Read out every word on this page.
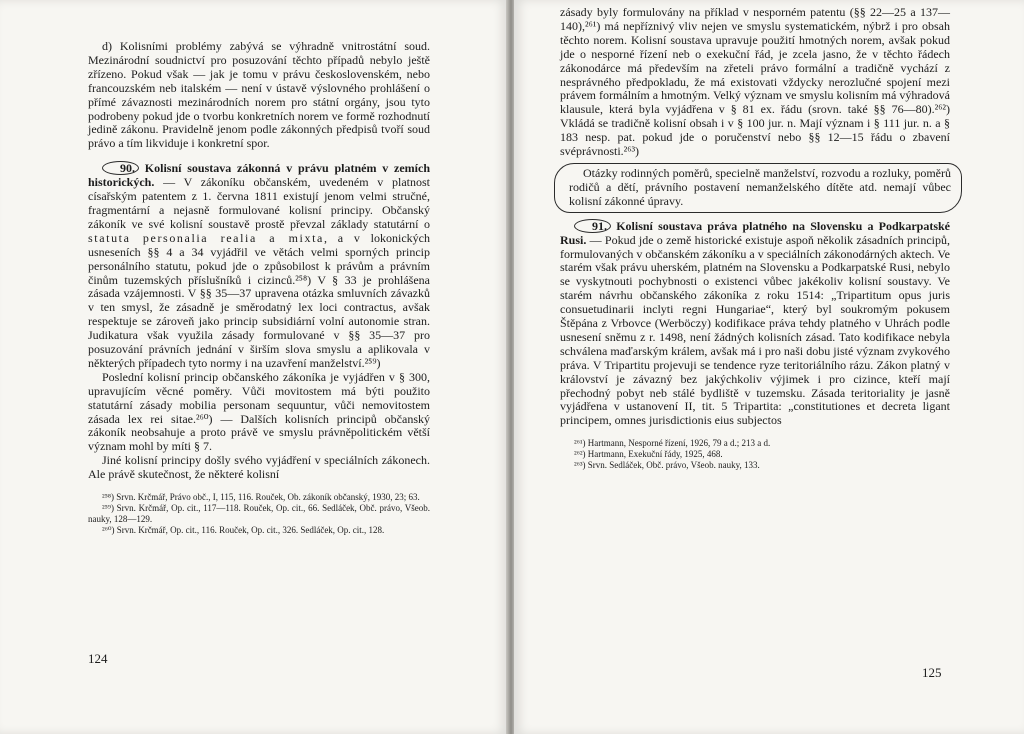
d) Kolisními problémy zabývá se výhradně vnitrostátní soud. Mezinárodní soudnictví pro posuzování těchto případů nebylo ještě zřízeno. Pokud však — jak je tomu v právu československém, nebo francouzském neb italském — není v ústavě výslovného prohlášení o přímé závaznosti mezinárodních norem pro státní orgány, jsou tyto podrobeny pokud jde o tvorbu konkretních norem ve formě rozhodnutí jedině zákonu. Pravidelně jenom podle zákonných předpisů tvoří soud právo a tím likviduje i konkretní spor.

90. Kolisní soustava zákonná v právu platném v zemích historických. — V zákoníku občanském, uvedeném v platnost císařským patentem z 1. června 1811 existují jenom velmi stručné, fragmentární a nejasně formulované kolisní principy. Občanský zákoník ve své kolisní soustavě prostě převzal základy statutární o statuta personalia realia a mixta, a v lokonických usneseních §§ 4 a 34 vyjádřil ve větách velmi sporných princip personálního statutu, pokud jde o způsobilost k právům a právním činům tuzemských příslušníků i cizinců.²⁵⁸) V § 33 je prohlášena zásada vzájemnosti. V §§ 35—37 upravena otázka smluvních závazků v ten smysl, že zásadně je směrodatný lex loci contractus, avšak respektuje se zároveň jako princip subsidiární volní autonomie stran. Judikatura však využila zásady formulované v §§ 35—37 pro posuzování právních jednání v širším slova smyslu a aplikovala v některých případech tyto normy i na uzavření manželství.²⁵⁹)

Poslední kolisní princip občanského zákoníka je vyjádřen v § 300, upravujícím věcné poměry. Vůči movitostem má býti použito statutární zásady mobilia personam sequuntur, vůči nemovitostem zásada lex rei sitae.²⁶⁰) — Dalších kolisních principů občanský zákoník neobsahuje a proto právě ve smyslu právněpolitickém větší význam mohl by míti § 7.

Jiné kolisní principy došly svého vyjádření v speciálních zákonech. Ale právě skutečnost, že některé kolisní

²⁵⁸) Srvn. Krčmář, Právo obč., I, 115, 116. Rouček, Ob. zákoník občanský, 1930, 23; 63.

²⁵⁹) Srvn. Krčmář, Op. cit., 117—118. Rouček, Op. cit., 66. Sedláček, Obč. právo, Všeob. nauky, 128—129.

²⁶⁰) Srvn. Krčmář, Op. cit., 116. Rouček, Op. cit., 326. Sedláček, Op. cit., 128.

124

zásady byly formulovány na příklad v nesporném patentu (§§ 22—25 a 137—140),²⁶¹) má nepříznivý vliv nejen ve smyslu systematickém, nýbrž i pro obsah těchto norem. Kolisní soustava upravuje použití hmotných norem, avšak pokud jde o nesporné řízení neb o exekuční řád, je zcela jasno, že v těchto řádech zákonodárce má především na zřeteli právo formální a tradičně vychází z nesprávného předpokladu, že má existovati vždycky nerozlučné spojení mezi právem formálním a hmotným. Velký význam ve smyslu kolisním má výhradová klausule, která byla vyjádřena v § 81 ex. řádu (srovn. také §§ 76—80).²⁶²) Vkládá se tradičně kolisní obsah i v § 100 jur. n. Mají význam i § 111 jur. n. a § 183 nesp. pat. pokud jde o poručenství nebo §§ 12—15 řádu o zbavení svéprávnosti.²⁶³)

Otázky rodinných poměrů, specielně manželství, rozvodu a rozluky, poměrů rodičů a dětí, právního postavení nemanželského dítěte atd. nemají vůbec kolisní zákonné úpravy.

91. Kolisní soustava práva platného na Slovensku a Podkarpatské Rusi. — Pokud jde o země historické existuje aspoň několik zásadních principů, formulovaných v občanském zákoníku a v speciálních zákonodárných aktech. Ve starém však právu uherském, platném na Slovensku a Podkarpatské Rusi, nebylo se vyskytnouti pochybnosti o existenci vůbec jakékoliv kolisní soustavy. Ve starém návrhu občanského zákoníka z roku 1514: „Tripartitum opus juris consuetudinarii inclyti regni Hungariae“, který byl soukromým pokusem Štěpána z Vrbovce (Werböczy) kodifikace práva tehdy platného v Uhrách podle usnesení sněmu z r. 1498, není žádných kolisních zásad. Tato kodifikace nebyla schválena maďarským králem, avšak má i pro naši dobu jisté význam zvykového práva. V Tripartitu projevuji se tendence ryze teritoriálního rázu. Zákon platný v království je závazný bez jakýchkoliv výjimek i pro cizince, kteří mají přechodný pobyt neb stálé bydliště v tuzemsku. Zásada teritoriality je jasně vyjádřena v ustanovení II, tit. 5 Tripartita: „constitutiones et decreta ligant principem, omnes jurisdictionis eius subjectos

²⁶¹) Hartmann, Nesporné řízení, 1926, 79 a d.; 213 a d.

²⁶²) Hartmann, Exekuční řády, 1925, 468.

²⁶³) Srvn. Sedláček, Obč. právo, Všeob. nauky, 133.

125
